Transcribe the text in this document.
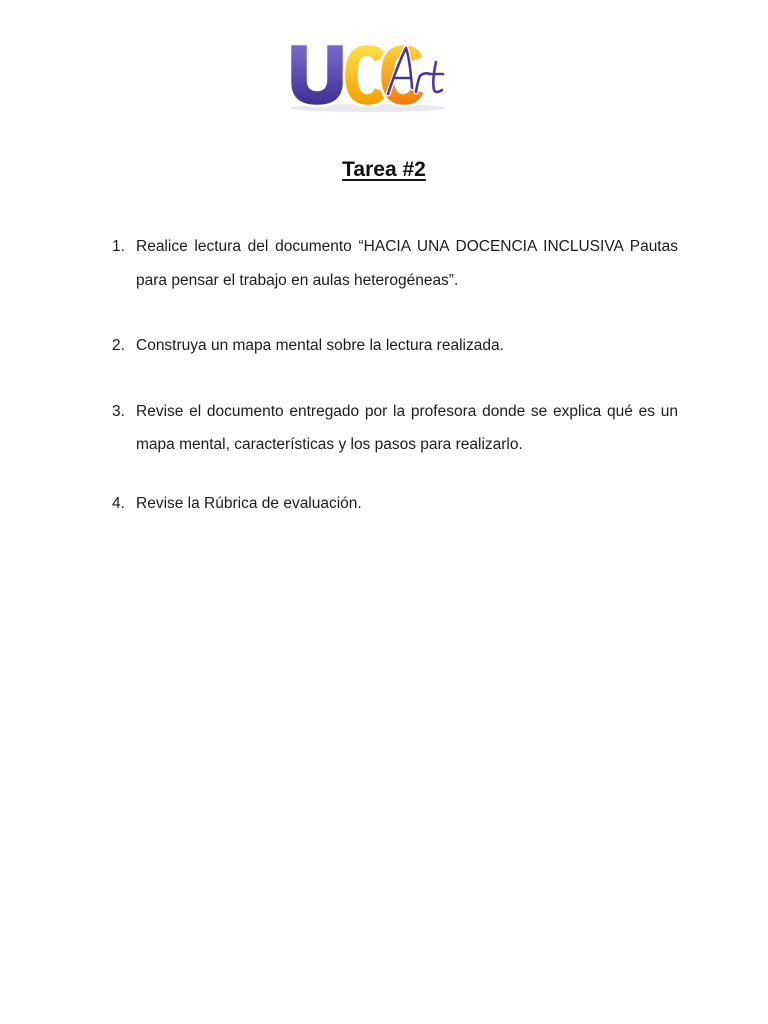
Tarea #2
1. Realice lectura del documento “HACIA UNA DOCENCIA INCLUSIVA Pautas para pensar el trabajo en aulas heterogéneas”.
2. Construya un mapa mental sobre la lectura realizada.
3. Revise el documento entregado por la profesora donde se explica qué es un mapa mental, características y los pasos para realizarlo.
4. Revise la Rúbrica de evaluación.
